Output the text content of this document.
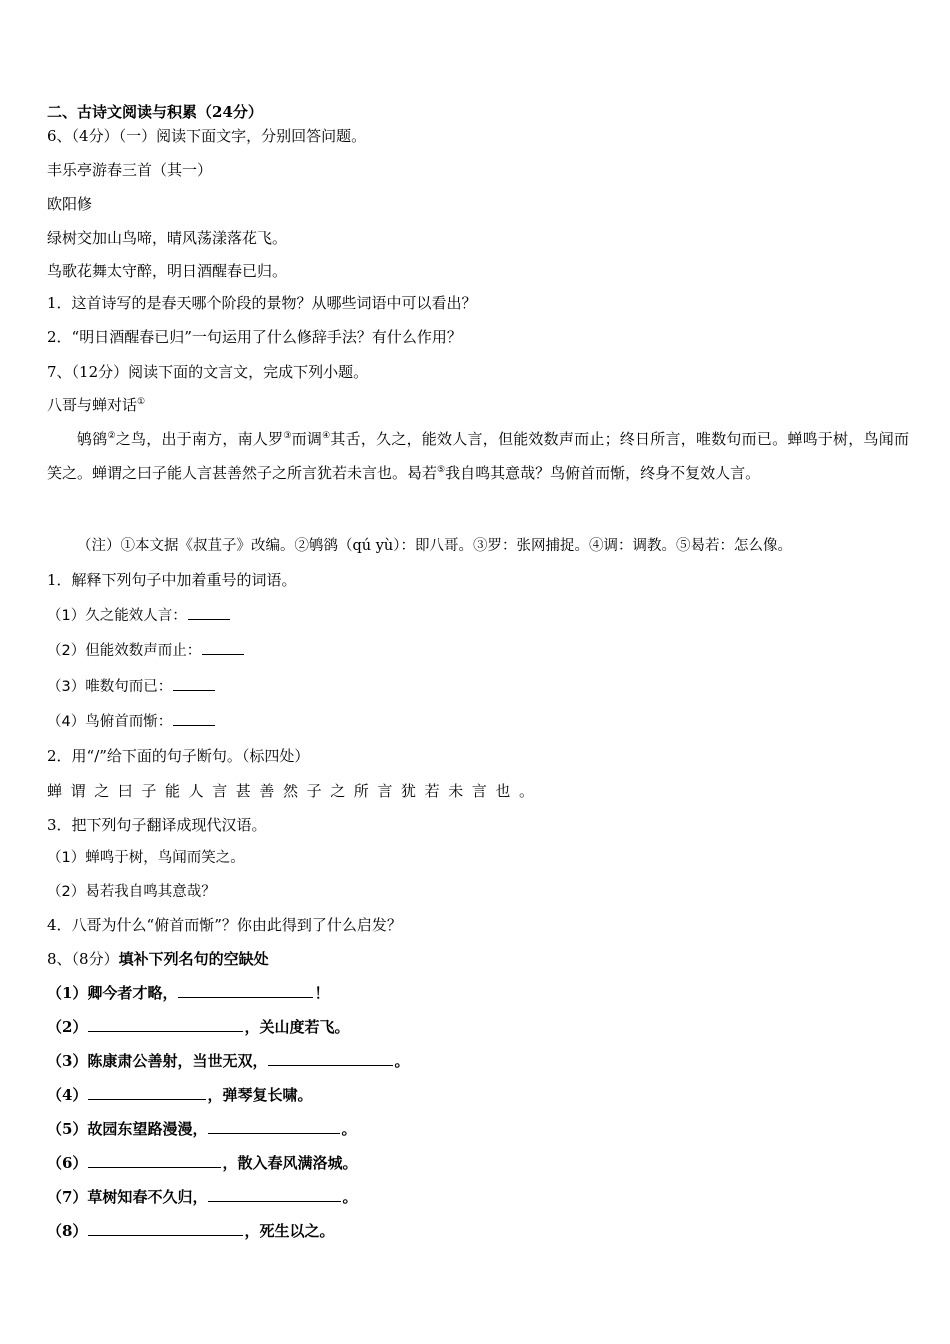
二、古诗文阅读与积累（24分）
6、（4分）（一）阅读下面文字，分别回答问题。
丰乐亭游春三首（其一）
欧阳修
绿树交加山鸟啼，晴风荡漾落花飞。
鸟歌花舞太守醉，明日酒醒春已归。
1．这首诗写的是春天哪个阶段的景物？从哪些词语中可以看出？
2．“明日酒醒春已归”一句运用了什么修辞手法？有什么作用？
7、（12分）阅读下面的文言文，完成下列小题。
八哥与蝉对话①
鸲鹆②之鸟，出于南方，南人罗③而调④其舌，久之，能效人言，但能效数声而止；终日所言，唯数句而已。蝉鸣于树，鸟闻而笑之。蝉谓之曰子能人言甚善然子之所言犹若未言也。曷若⑤我自鸣其意哉？鸟俯首而惭，终身不复效人言。
（注）①本文据《叔苴子》改编。②鸲鹆（qú yù）：即八哥。③罗：张网捕捉。④调：调教。⑤曷若：怎么像。
1．解释下列句子中加着重号的词语。
（1）久之能效人言：
（2）但能效数声而止：
（3）唯数句而已：
（4）鸟俯首而惭：
2．用“/”给下面的句子断句。（标四处）
蝉谓之曰子能人言甚善然子之所言犹若未言也。
3．把下列句子翻译成现代汉语。
（1）蝉鸣于树，鸟闻而笑之。
（2）曷若我自鸣其意哉？
4．八哥为什么“俯首而惭”？你由此得到了什么启发？
8、（8分）填补下列名句的空缺处
（1）卿今者才略，	！
（2）	，关山度若飞。
（3）陈康肃公善射，当世无双，	。
（4）	，弹琴复长啸。
（5）故园东望路漫漫，	。
（6）	，散入春风满洛城。
（7）草树知春不久归，	。
（8）	，死生以之。
